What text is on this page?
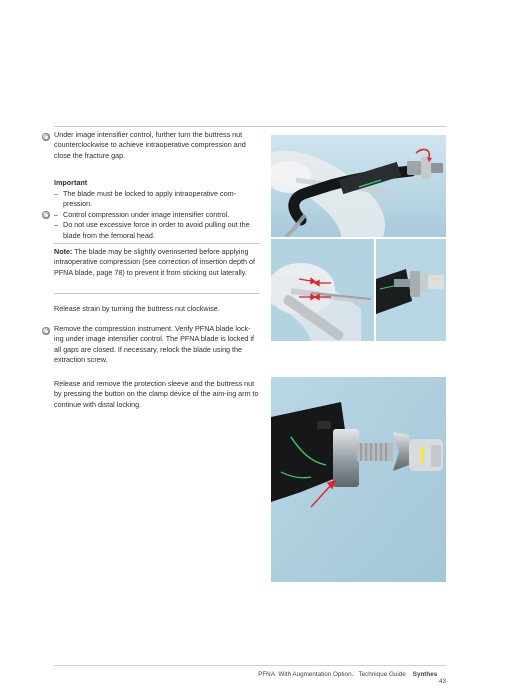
Under image intensifier control, further turn the buttress nut counterclockwise to achieve intraoperative compression and close the fracture gap.
Important
– The blade must be locked to apply intraoperative com-pression.
– Control compression under image intensifier control.
– Do not use excessive force in order to avoid pulling out the blade from the femoral head.
Note: The blade may be slightly overinserted before applying intraoperative compression (see correction of insertion depth of PFNA blade, page 78) to prevent it from sticking out laterally.
Release strain by turning the buttress nut clockwise.
Remove the compression instrument. Verify PFNA blade lock-ing under image intensifier control. The PFNA blade is locked if all gaps are closed. If necessary, relock the blade using the extraction screw.
Release and remove the protection sleeve and the buttress nut by pressing the button on the clamp device of the aim-ing arm to continue with distal locking.
PFNA. With Augmentation Option. Technique Guide Synthes      43
